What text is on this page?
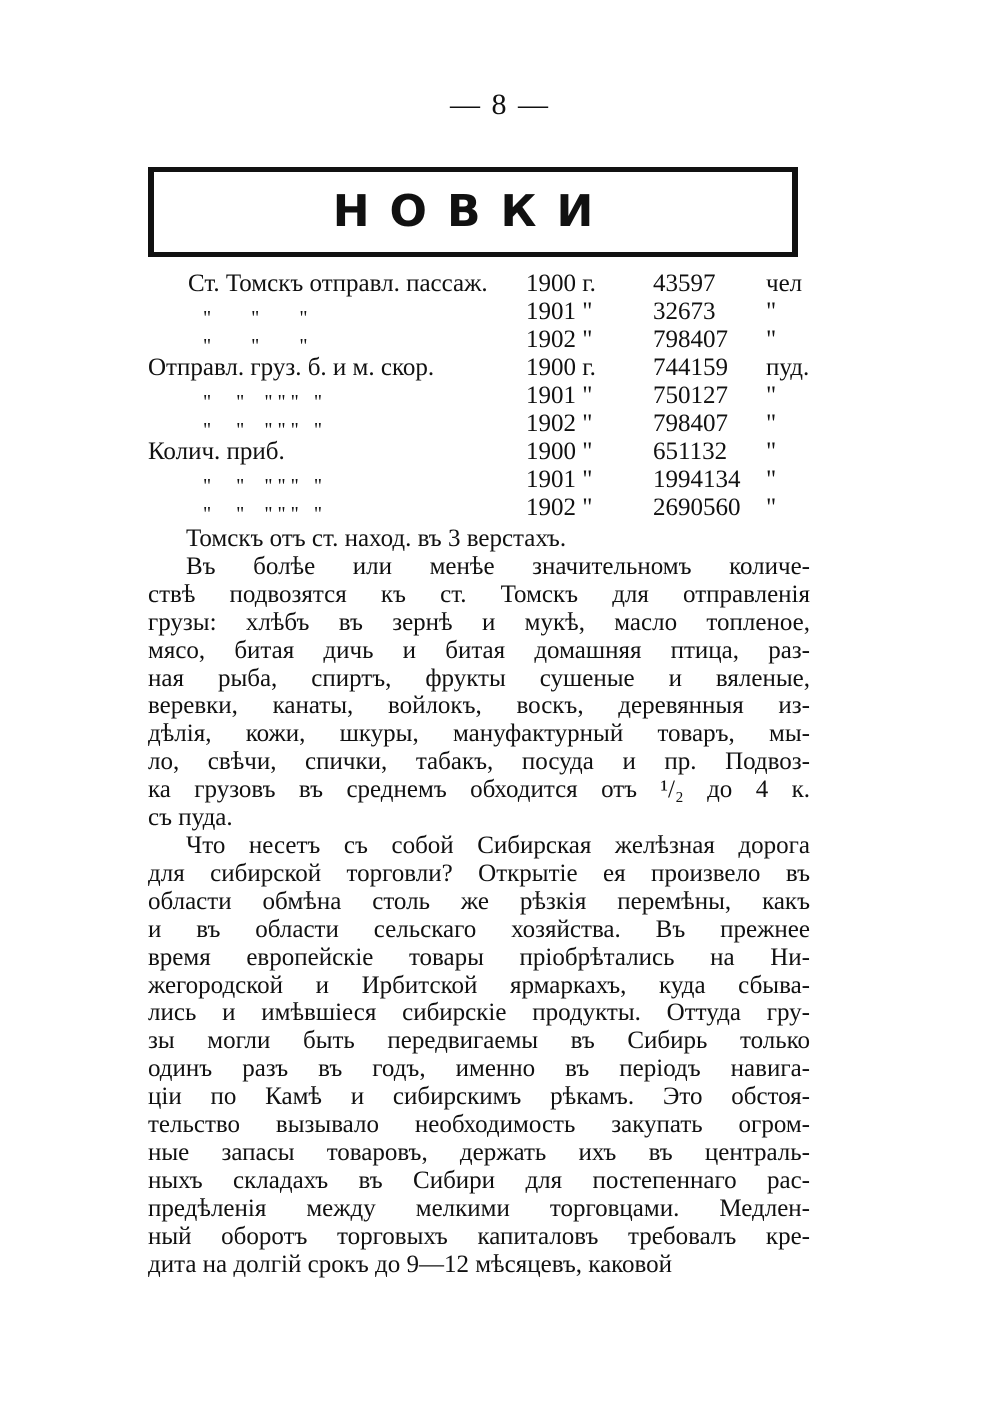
— 8 —
НОВКИ
Ст. Томскъ отправл. пассаж. 1900 г. 43597 чел
"        "        "	1901 " 32673 "
"        "        "	1902 " 798407 "
Отправл. груз. б. и м. скор.	1900 г. 744159 пуд.
"     "    " " "   "	1901 " 750127 "
"     "    " " "   "	1902 " 798407 "
Колич. приб.	1900 " 651132 "
"     "    " " "   "	1901 " 1994134 "
"     "    " " "   "	1902 " 2690560 "

Томскъ отъ ст. наход. въ 3 верстахъ.

Въ болѣе или менѣе значительномъ количе-
ствѣ подвозятся къ ст. Томскъ для отправленія
грузы: хлѣбъ въ зернѣ и мукѣ, масло топленое,
мясо, битая дичь и битая домашняя птица, раз-
ная рыба, спиртъ, фрукты сушеные и вяленые,
веревки, канаты, войлокъ, воскъ, деревянныя из-
дѣлія, кожи, шкуры, мануфактурный товаръ, мы-
ло, свѣчи, спички, табакъ, посуда и пр. Подвоз-
ка грузовъ въ среднемъ обходится отъ ¹/₂ до 4 к.
съ пуда.

Что несетъ съ собой Сибирская желѣзная дорога
для сибирской торговли? Открытіе ея произвело въ
области обмѣна столь же рѣзкія перемѣны, какъ
и въ области сельскаго хозяйства. Въ прежнее
время европейскіе товары пріобрѣтались на Ни-
жегородской и Ирбитской ярмаркахъ, куда сбыва-
лись и имѣвшіеся сибирскіе продукты. Оттуда гру-
зы могли быть передвигаемы въ Сибирь только
одинъ разъ въ годъ, именно въ періодъ навига-
ціи по Камѣ и сибирскимъ рѣкамъ. Это обстоя-
тельство вызывало необходимость закупать огром-
ные запасы товаровъ, держать ихъ въ централь-
ныхъ складахъ въ Сибири для постепеннаго рас-
предѣленія между мелкими торговцами. Медлен-
ный оборотъ торговыхъ капиталовъ требовалъ кре-
дита на долгій срокъ до 9—12 мѣсяцевъ, каковой
